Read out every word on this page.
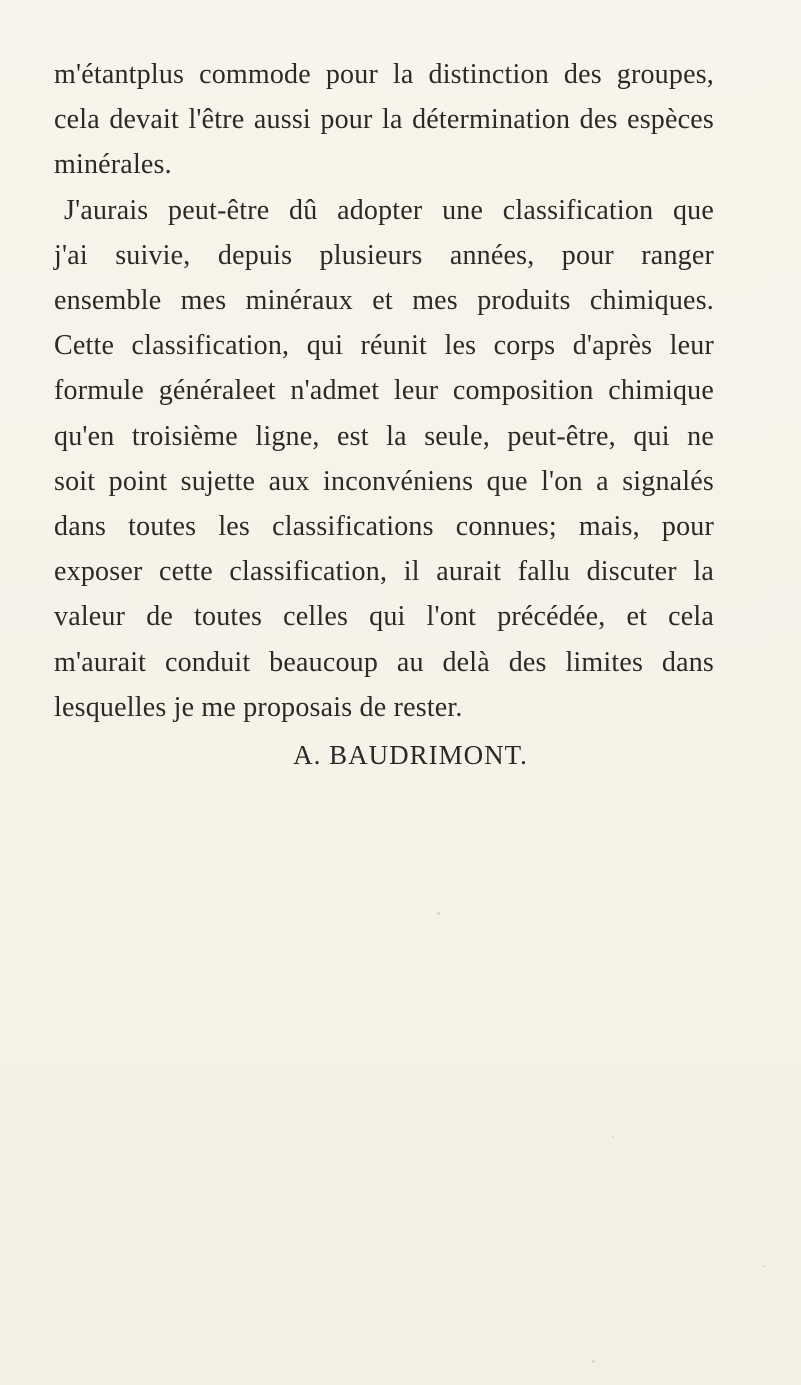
m'étantplus commode pour la distinction des groupes,
cela devait l'être aussi pour la détermination des espèces
minérales.
J'aurais peut-être dû adopter une classification que
j'ai suivie, depuis plusieurs années, pour ranger
ensemble mes minéraux et mes produits chimiques.
Cette classification, qui réunit les corps d'après leur
formule généraleet n'admet leur composition chimique
qu'en troisième ligne, est la seule, peut-être, qui ne
soit point sujette aux inconvéniens que l'on a signalés
dans toutes les classifications connues; mais, pour
exposer cette classification, il aurait fallu discuter la
valeur de toutes celles qui l'ont précédée, et cela
m'aurait conduit beaucoup au delà des limites dans
lesquelles je me proposais de rester.
A. BAUDRIMONT.
